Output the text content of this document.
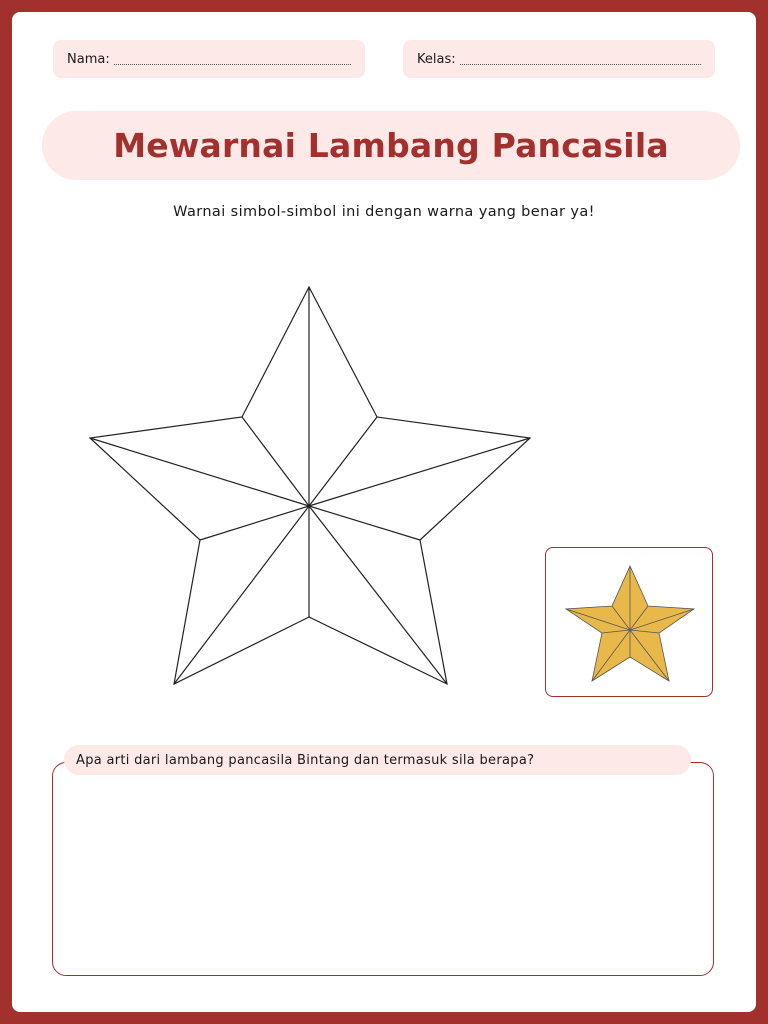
Nama:	Kelas:
Mewarnai Lambang Pancasila
Warnai simbol-simbol ini dengan warna yang benar ya!
Apa arti dari lambang pancasila Bintang dan termasuk sila berapa?
